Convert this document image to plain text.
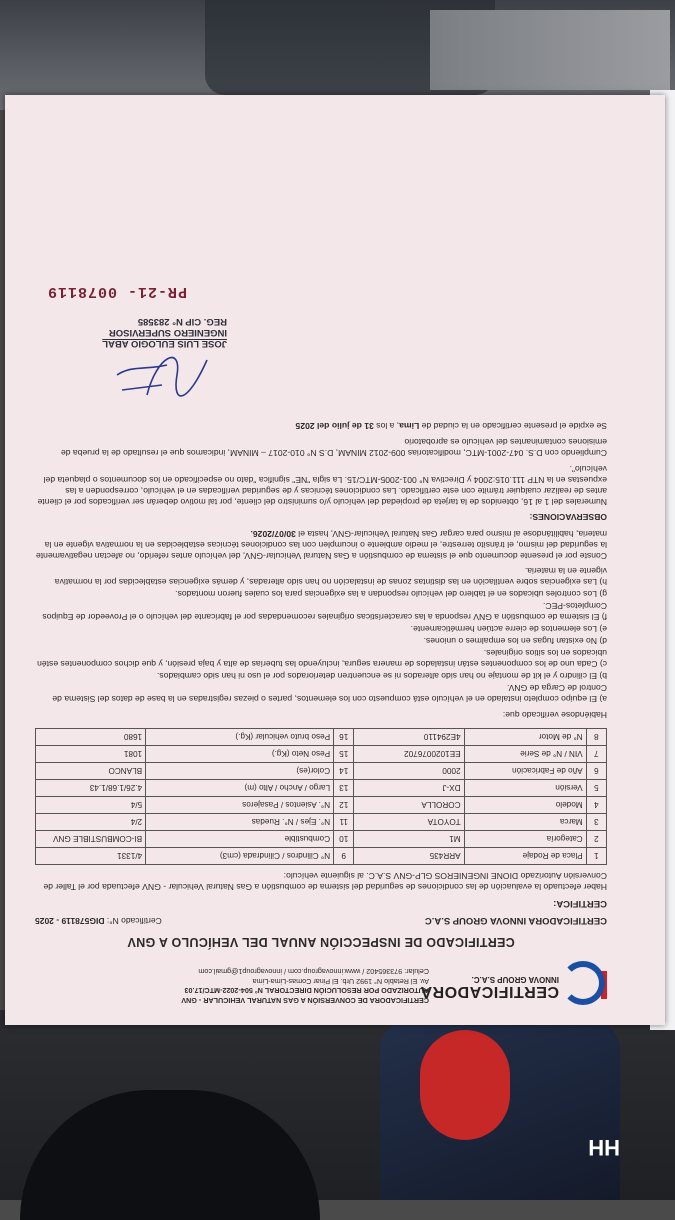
HH
CERTIFICADORA
INNOVA GROUP S.A.C.
CERTIFICADORA DE CONVERSIÓN A GAS NATURAL VEHICULAR - GNV
AUTORIZADO POR RESOLUCIÓN DIRECTORAL N° 504-2022-MTC/17.03
Av. El Retablo N° 1992 Urb. El Pinar Comas-Lima-Lima
Celular: 973365402 / www.innovagroup.com / innovagroup1@gmail.com
CERTIFICADO DE INSPECCIÓN ANUAL DEL VEHÍCULO A GNV
CERTIFICADORA INNOVA GROUP S.A.C
Certificado N°: DIG578119 - 2025
CERTIFICA:

Haber efectuado la evaluación de las condiciones de seguridad del sistema de combustión a Gas Natural Vehicular - GNV efectuada por el Taller de Conversión Autorizado DIONE INGENIEROS GLP-GNV S.A.C. al siguiente vehículo:

1	Placa de Rodaje	ARR435	9	N° Cilindros / Cilindrada (cm3)	4/1331
2	Categoría	M1	10	Combustible	BI-COMBUSTIBLE GNV
3	Marca	TOYOTA	11	N°. Ejes / N°. Ruedas	2/4
4	Modelo	COROLLA	12	N°. Asientos / Pasajeros	5/4
5	Versión	DX-J	13	Largo / Ancho / Alto (m)	4.26/1.68/1.43
6	Año de Fabricación	2000	14	Color(es)	BLANCO
7	VIN / N° de Serie	EE1020076702	15	Peso Neto (Kg.)	1081
8	N° de Motor	4E294110	16	Peso bruto vehicular (Kg.)	1680

Habiéndose verificado que:

a) El equipo completo instalado en el vehículo está compuesto con los elementos, partes o piezas registradas en la base de datos del Sistema de Control de Carga de GNV.
b) El cilindro y el kit de montaje no han sido alterados ni se encuentren deteriorados por el uso ni han sido cambiados.
c) Cada uno de los componentes están instalados de manera segura, incluyendo las tuberías de alta y baja presión, y que dichos componentes estén ubicados en los sitios originales.
d) No existan fugas en los empalmes o uniones.
e) Los elementos de cierre actúen herméticamente.
f) El sistema de combustión a GNV responda a las características originales recomendadas por el fabricante del vehículo o el Proveedor de Equipos Completos-PEC.
g) Los controles ubicados en el tablero del vehículo respondan a las exigencias para los cuales fueron montados.
h) Las exigencias sobre ventilación en las distintas zonas de instalación no han sido alteradas, y demás exigencias establecidas por la normativa vigente en la materia.

Conste por el presente documento que el sistema de combustión a Gas Natural Vehicular-GNV, del vehículo antes referido, no afectan negativamente la seguridad del mismo, el tránsito terrestre, el medio ambiente o incumplen con las condiciones técnicas establecidas en la normativa vigente en la materia, habilitándose al mismo para cargar Gas Natural Vehicular-GNV, hasta el 30/07/2026.

OBSERVACIONES:

Numerales del 1 al 16, obtenidos de la tarjeta de propiedad del vehículo y/o suministro del cliente, por tal motivo deberán ser verificados por el cliente antes de realizar cualquier trámite con este certificado. Las condiciones técnicas y de seguridad verificadas en el vehículo, corresponden a las expuestas en la NTP 111.015:2004 y Directiva N° 001-2005-MTC/15. La sigla "NE" significa "dato no especificado en los documentos o plaqueta del vehículo".

Cumpliendo con D.S. 047-2001-MTC, modificatorias 009-2012 MINAM, D.S N° 010-2017 – MINAM, indicamos que el resultado de la prueba de emisiones contaminantes del vehículo es aprobatorio

Se expide el presente certificado en la ciudad de Lima, a los 31 de julio del 2025

JOSE LUIS EULOGIO ABAL
INGENIERO SUPERVISOR
REG. CIP N° 283585
PR-21- 0078119
